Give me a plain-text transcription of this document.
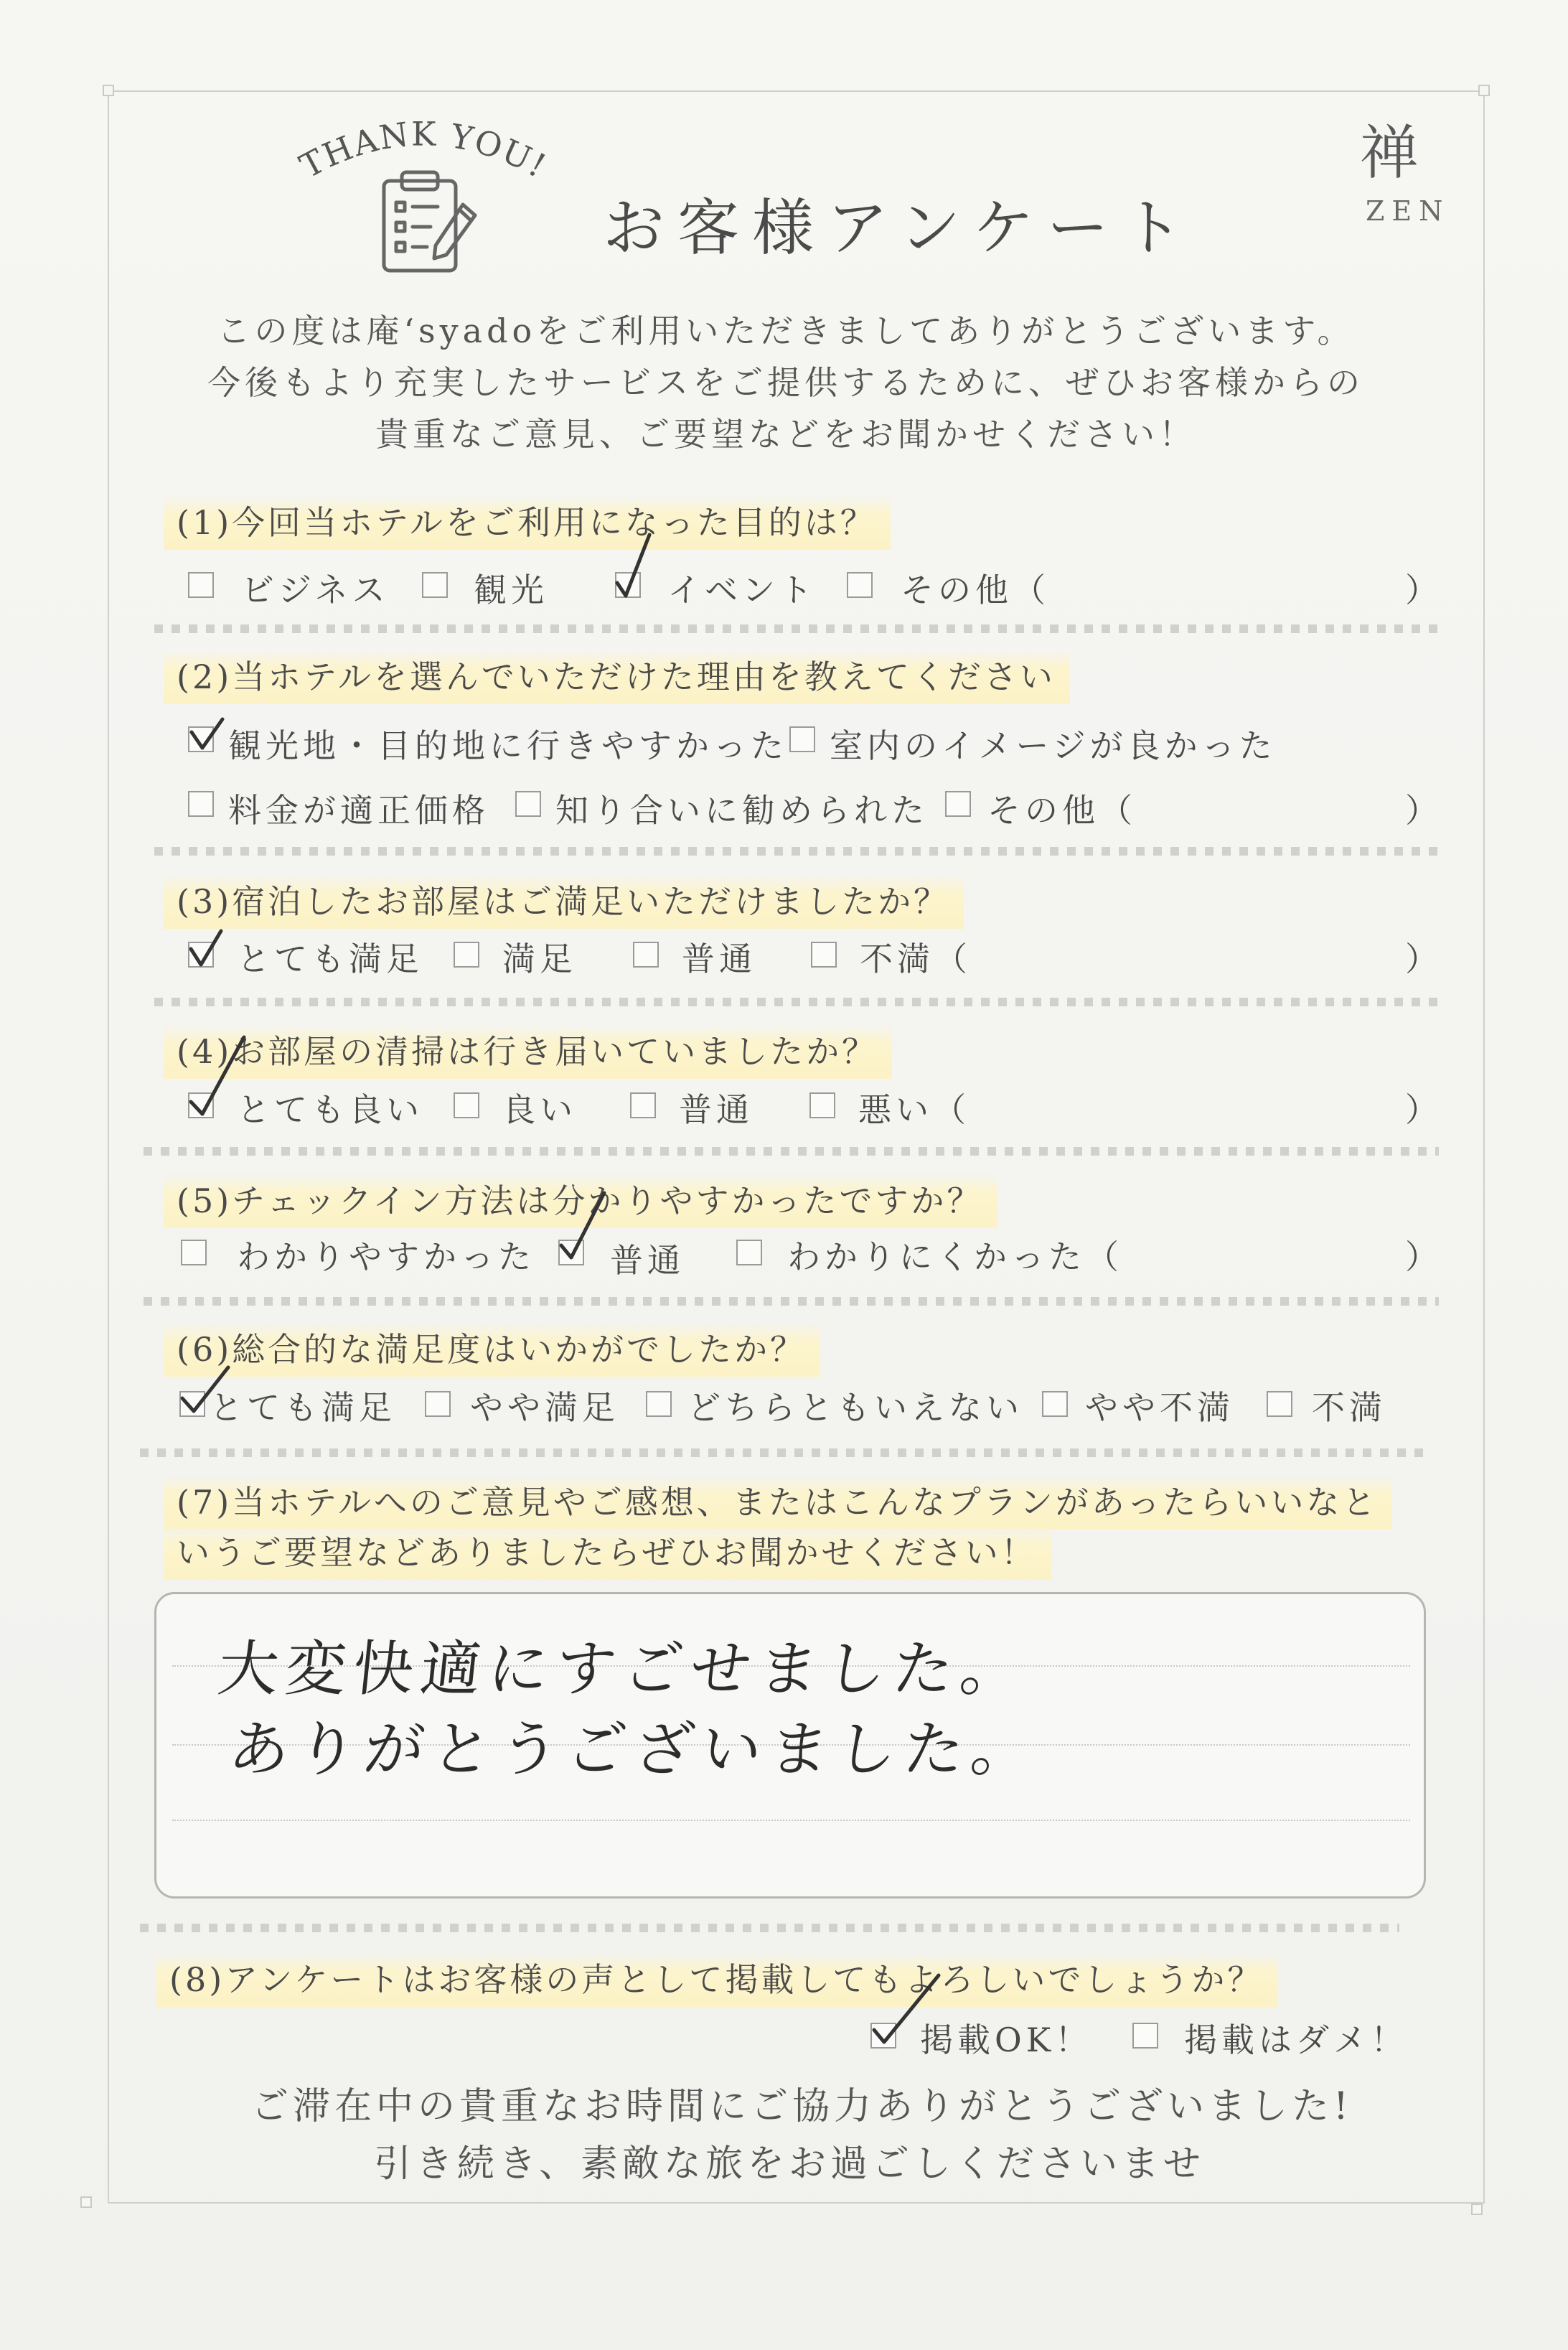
禅
ZEN
THANK YOU!
お客様アンケート
この度は庵‘syadoをご利用いただきましてありがとうございます。
今後もより充実したサービスをご提供するために、ぜひお客様からの
貴重なご意見、ご要望などをお聞かせください！
(1)今回当ホテルをご利用になった目的は？
ビジネス	観光	イベント	その他（	）
(2)当ホテルを選んでいただけた理由を教えてください
観光地・目的地に行きやすかった 室内のイメージが良かった
料金が適正価格 知り合いに勧められた その他（	）
(3)宿泊したお部屋はご満足いただけましたか？
とても満足 満足	普通	不満（	）
(4)お部屋の清掃は行き届いていましたか？
とても良い 良い	普通	悪い（	）
(5)チェックイン方法は分かりやすかったですか？
わかりやすかった 普通	わかりにくかった（	）
(6)総合的な満足度はいかがでしたか？
とても満足 やや満足 どちらともいえない やや不満 不満
(7)当ホテルへのご意見やご感想、またはこんなプランがあったらいいなと
いうご要望などありましたらぜひお聞かせください！
大変快適にすごせました。
ありがとうございました。
(8)アンケートはお客様の声として掲載してもよろしいでしょうか？
掲載OK！	掲載はダメ！
ご滞在中の貴重なお時間にご協力ありがとうございました!
引き続き、素敵な旅をお過ごしくださいませ
